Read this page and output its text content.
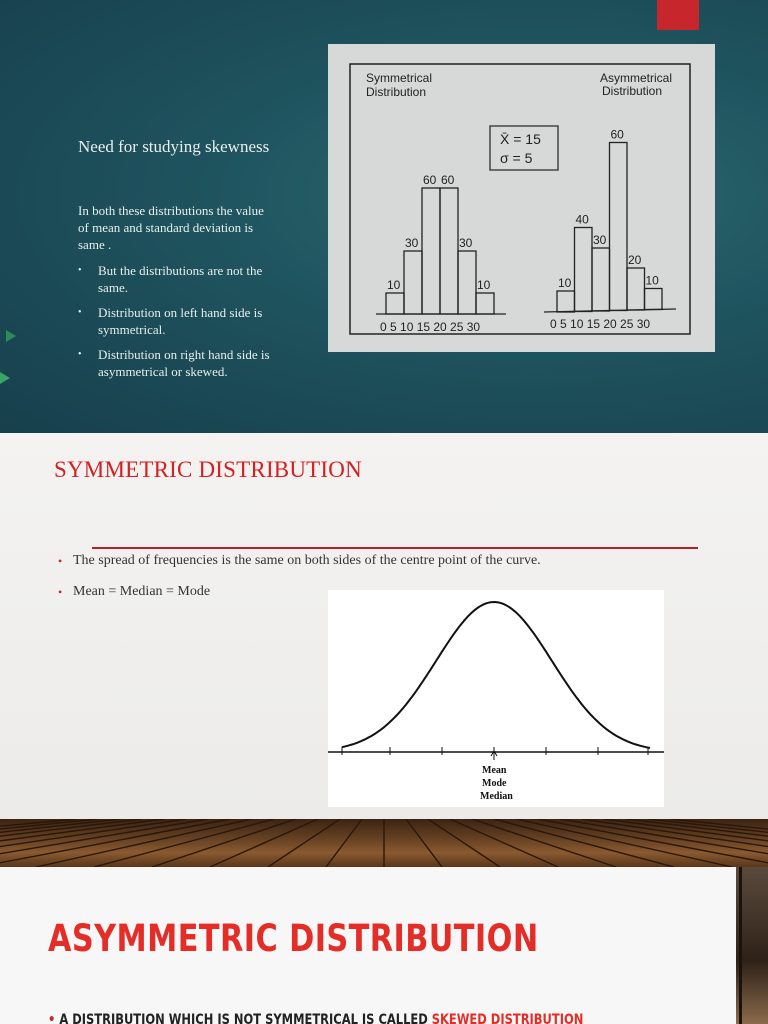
Need for studying skewness
In both these distributions the value of mean and standard deviation is same .
• But the distributions are not the same.
• Distribution on left hand side is symmetrical.
• Distribution on right hand side is asymmetrical or skewed.
Symmetrical
Distribution
Asymmetrical
Distribution
X̄ = 15
σ = 5
10
30
60 60
30
10	10
40
30
60
20
10
0 5 10 15 20 25 30	0 5 10 15 20 25 30
SYMMETRIC DISTRIBUTION
• The spread of frequencies is the same on both sides of the centre point of the curve.
• Mean = Median = Mode
Mean
Mode
Median
ASYMMETRIC DISTRIBUTION
• A DISTRIBUTION WHICH IS NOT SYMMETRICAL IS CALLED SKEWED DISTRIBUTION
